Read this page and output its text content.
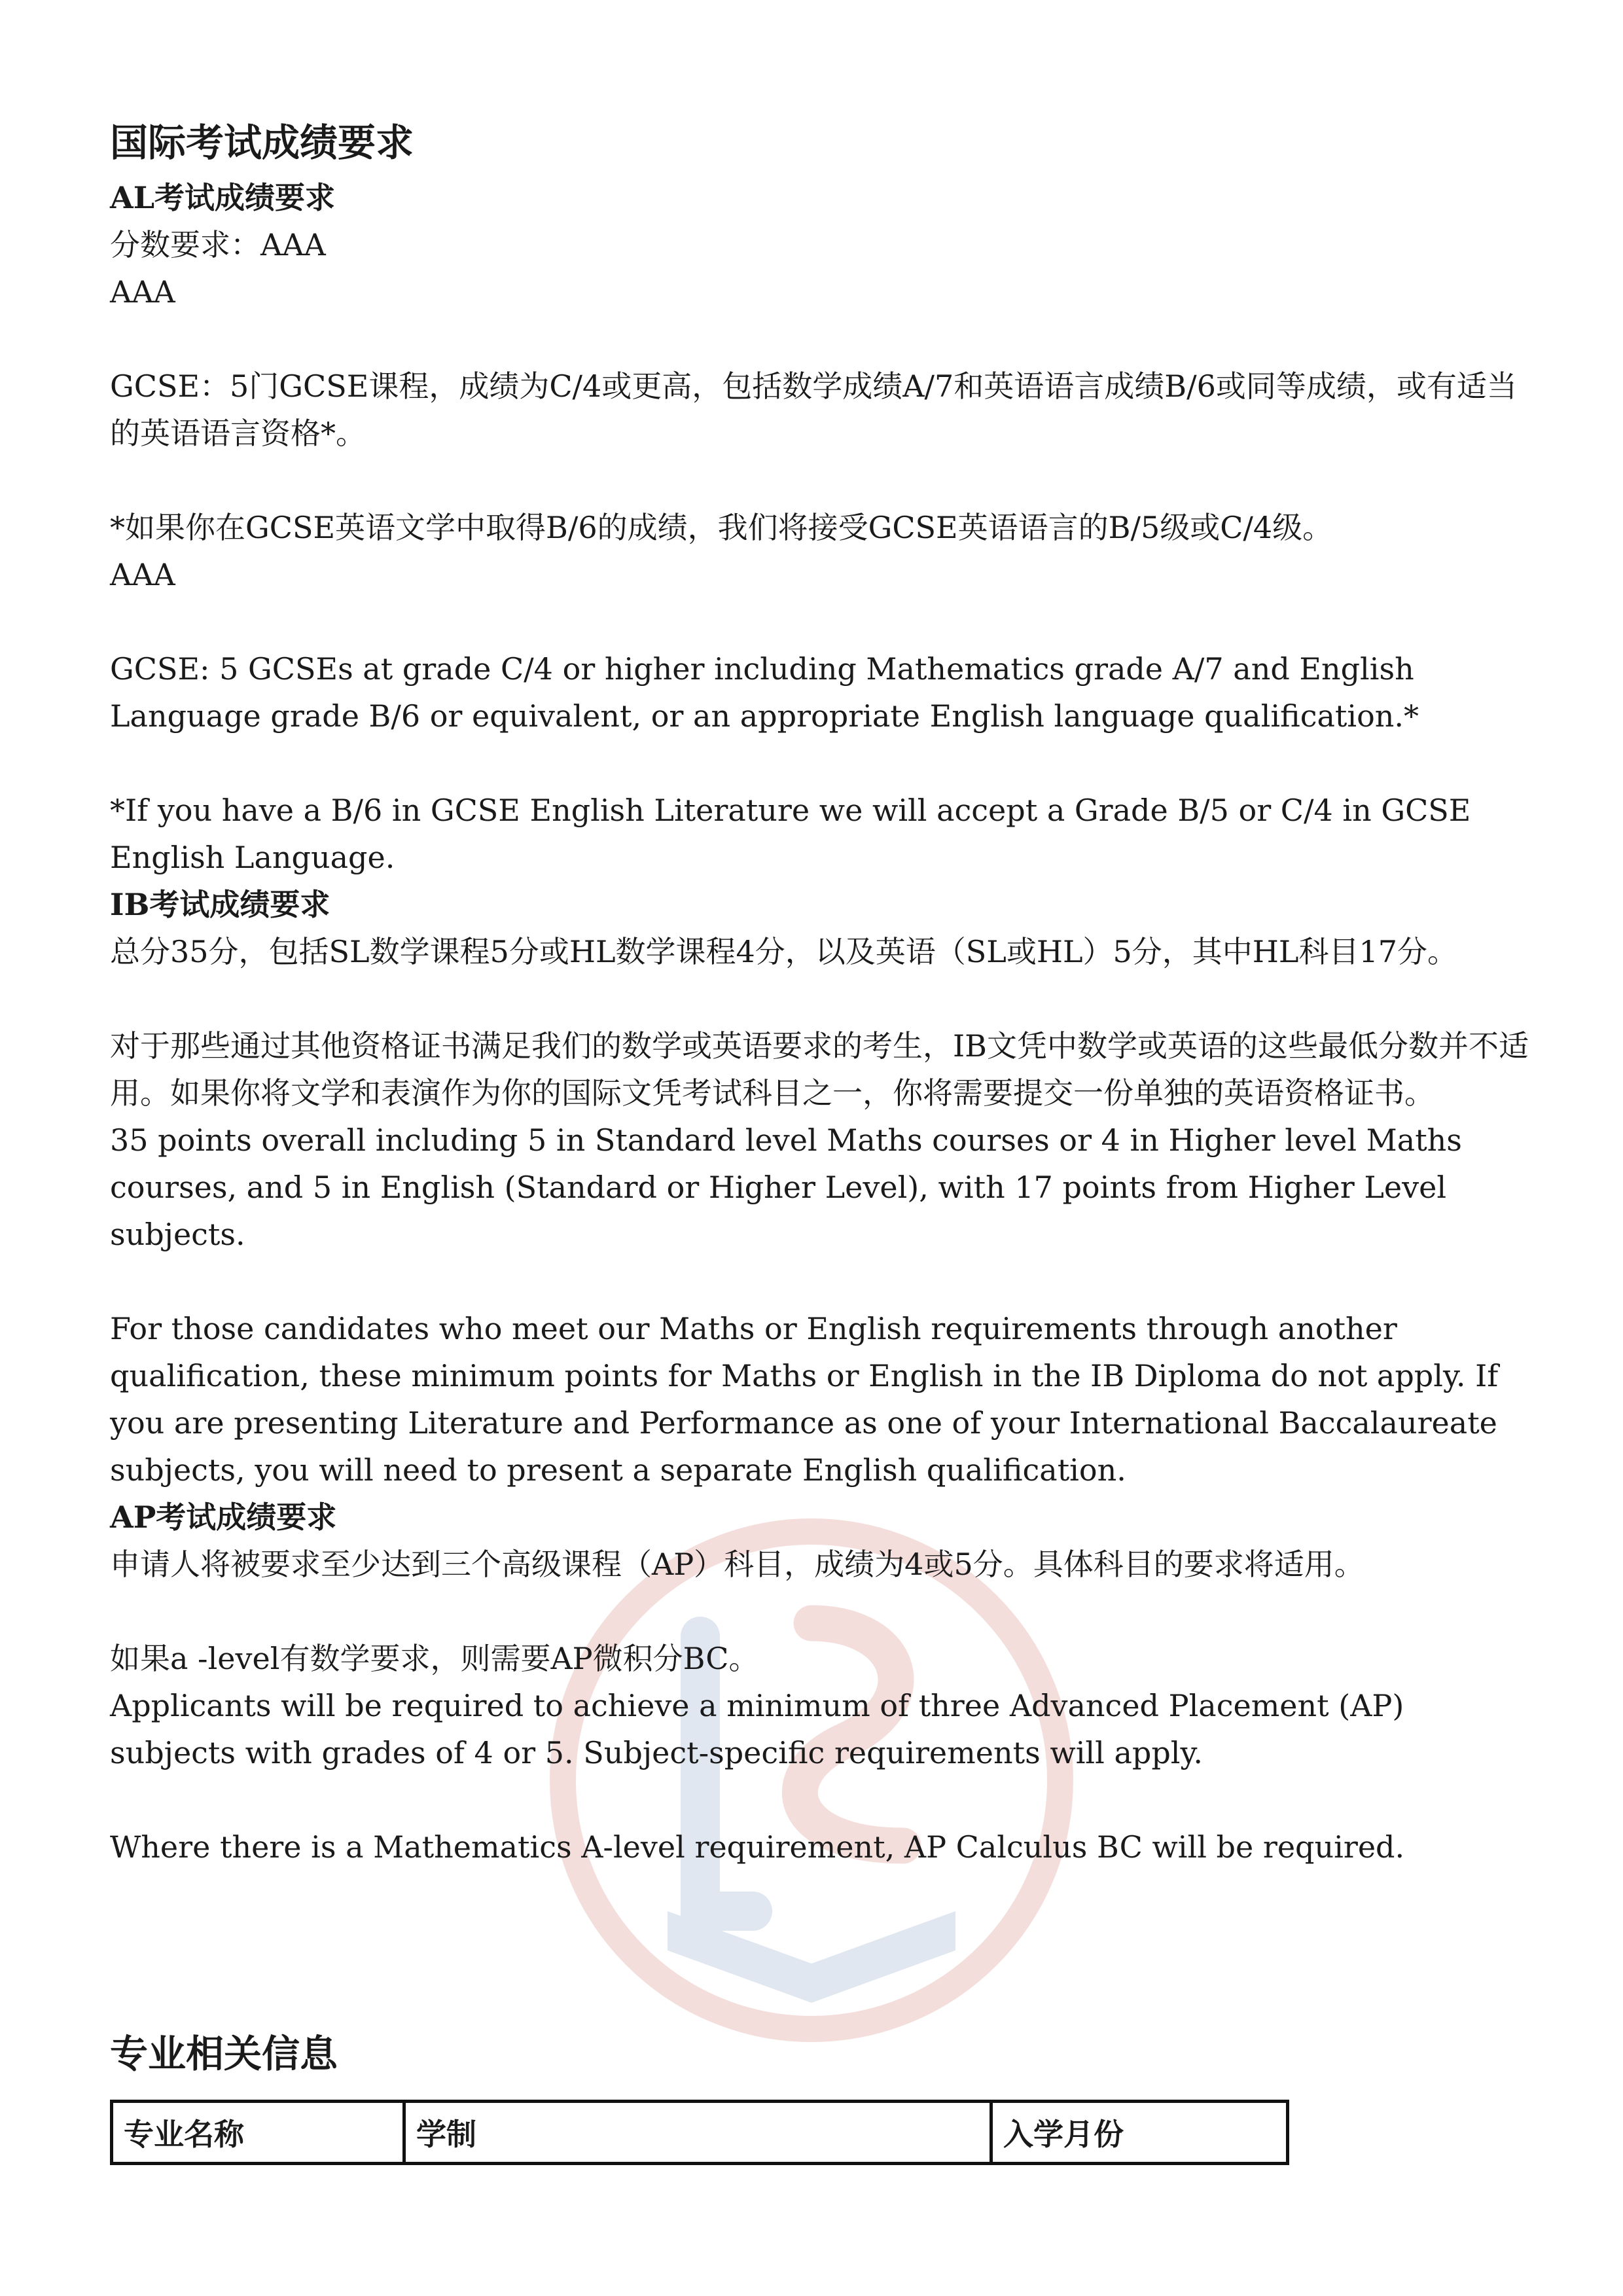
国际考试成绩要求
AL考试成绩要求

分数要求：AAA

AAA

GCSE：5门GCSE课程，成绩为C/4或更高，包括数学成绩A/7和英语语言成绩B/6或同等成绩，或有适当的英语语言资格*。

*如果你在GCSE英语文学中取得B/6的成绩，我们将接受GCSE英语语言的B/5级或C/4级。

AAA

GCSE: 5 GCSEs at grade C/4 or higher including Mathematics grade A/7 and English Language grade B/6 or equivalent, or an appropriate English language qualification.*

*If you have a B/6 in GCSE English Literature we will accept a Grade B/5 or C/4 in GCSE English Language.

IB考试成绩要求

总分35分，包括SL数学课程5分或HL数学课程4分，以及英语（SL或HL）5分，其中HL科目17分。

对于那些通过其他资格证书满足我们的数学或英语要求的考生，IB文凭中数学或英语的这些最低分数并不适用。如果你将文学和表演作为你的国际文凭考试科目之一，你将需要提交一份单独的英语资格证书。

35 points overall including 5 in Standard level Maths courses or 4 in Higher level Maths courses, and 5 in English (Standard or Higher Level), with 17 points from Higher Level subjects.

For those candidates who meet our Maths or English requirements through another qualification, these minimum points for Maths or English in the IB Diploma do not apply. If you are presenting Literature and Performance as one of your International Baccalaureate subjects, you will need to present a separate English qualification.

AP考试成绩要求

申请人将被要求至少达到三个高级课程（AP）科目，成绩为4或5分。具体科目的要求将适用。

如果a -level有数学要求，则需要AP微积分BC。

Applicants will be required to achieve a minimum of three Advanced Placement (AP) subjects with grades of 4 or 5. Subject-specific requirements will apply.

Where there is a Mathematics A-level requirement, AP Calculus BC will be required.

专业相关信息
专业名称	学制	入学月份
